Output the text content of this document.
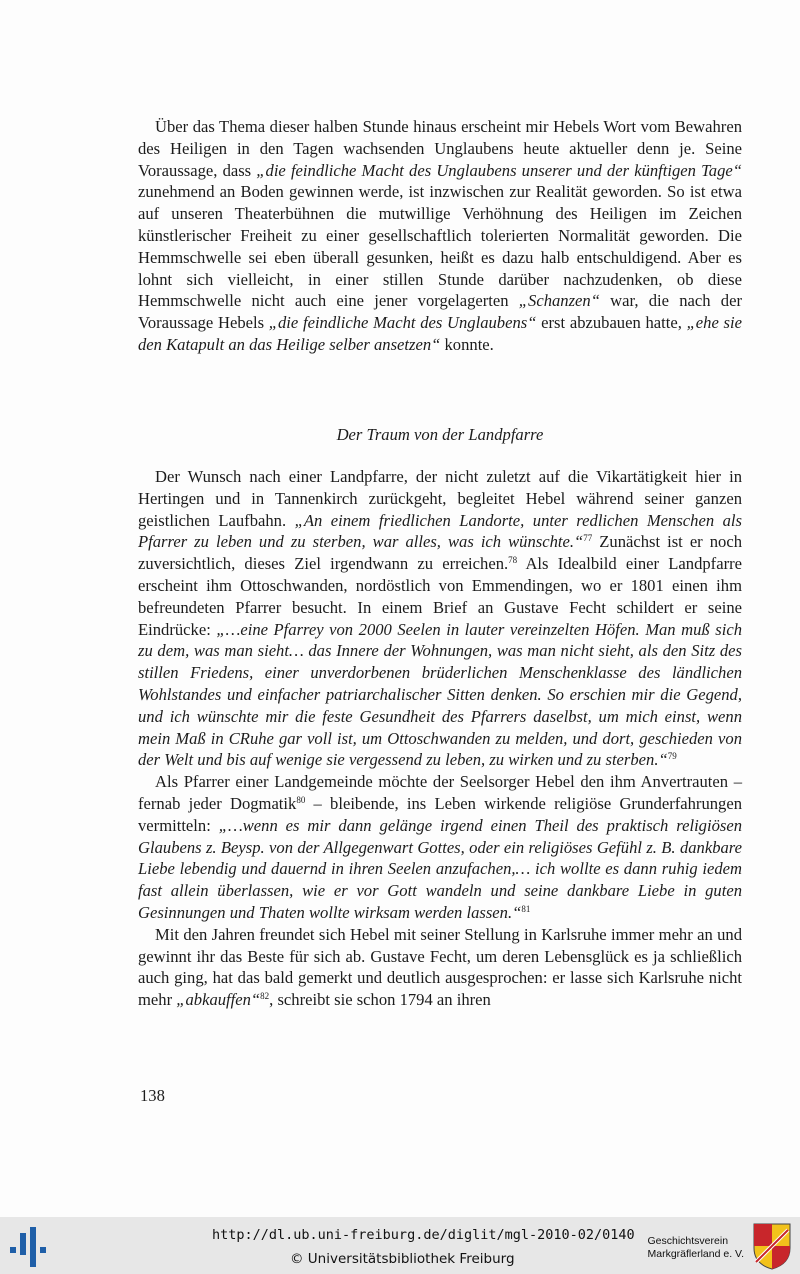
Über das Thema dieser halben Stunde hinaus erscheint mir Hebels Wort vom Bewahren des Heiligen in den Tagen wachsenden Unglaubens heute aktueller denn je. Seine Voraussage, dass „die feindliche Macht des Unglaubens unserer und der künftigen Tage“ zunehmend an Boden gewinnen werde, ist inzwischen zur Realität geworden. So ist etwa auf unseren Theaterbühnen die mutwillige Verhöhnung des Heiligen im Zeichen künstlerischer Freiheit zu einer gesellschaftlich tolerierten Normalität geworden. Die Hemmschwelle sei eben überall gesunken, heißt es dazu halb entschuldigend. Aber es lohnt sich vielleicht, in einer stillen Stunde darüber nachzudenken, ob diese Hemmschwelle nicht auch eine jener vorgelagerten „Schanzen“ war, die nach der Voraussage Hebels „die feindliche Macht des Unglaubens“ erst abzubauen hatte, „ehe sie den Katapult an das Heilige selber ansetzen“ konnte.

Der Traum von der Landpfarre

Der Wunsch nach einer Landpfarre, der nicht zuletzt auf die Vikartätigkeit hier in Hertingen und in Tannenkirch zurückgeht, begleitet Hebel während seiner ganzen geistlichen Laufbahn. „An einem friedlichen Landorte, unter redlichen Menschen als Pfarrer zu leben und zu sterben, war alles, was ich wünschte.“$^{77}$ Zunächst ist er noch zuversichtlich, dieses Ziel irgendwann zu erreichen.$^{78}$ Als Idealbild einer Landpfarre erscheint ihm Ottoschwanden, nordöstlich von Emmendingen, wo er 1801 einen ihm befreundeten Pfarrer besucht. In einem Brief an Gustave Fecht schildert er seine Eindrücke: „…eine Pfarrey von 2000 Seelen in lauter vereinzelten Höfen. Man muß sich zu dem, was man sieht… das Innere der Wohnungen, was man nicht sieht, als den Sitz des stillen Friedens, einer unverdorbenen brüderlichen Menschenklasse des ländlichen Wohlstandes und einfacher patriarchalischer Sitten denken. So erschien mir die Gegend, und ich wünschte mir die feste Gesundheit des Pfarrers daselbst, um mich einst, wenn mein Maß in CRuhe gar voll ist, um Ottoschwanden zu melden, und dort, geschieden von der Welt und bis auf wenige sie vergessend zu leben, zu wirken und zu sterben.“$^{79}$

Als Pfarrer einer Landgemeinde möchte der Seelsorger Hebel den ihm Anvertrauten – fernab jeder Dogmatik$^{80}$ – bleibende, ins Leben wirkende religiöse Grunderfahrungen vermitteln: „…wenn es mir dann gelänge irgend einen Theil des praktisch religiösen Glaubens z. Beysp. von der Allgegenwart Gottes, oder ein religiöses Gefühl z. B. dankbare Liebe lebendig und dauernd in ihren Seelen anzufachen,… ich wollte es dann ruhig iedem fast allein überlassen, wie er vor Gott wandeln und seine dankbare Liebe in guten Gesinnungen und Thaten wollte wirksam werden lassen.“$^{81}$

Mit den Jahren freundet sich Hebel mit seiner Stellung in Karlsruhe immer mehr an und gewinnt ihr das Beste für sich ab. Gustave Fecht, um deren Lebensglück es ja schließlich auch ging, hat das bald gemerkt und deutlich ausgesprochen: er lasse sich Karlsruhe nicht mehr „abkauffen“$^{82}$, schreibt sie schon 1794 an ihren

138
http://dl.ub.uni-freiburg.de/diglit/mgl-2010-02/0140
© Universitätsbibliothek Freiburg
Geschichtsverein
Markgräflerland e. V.
